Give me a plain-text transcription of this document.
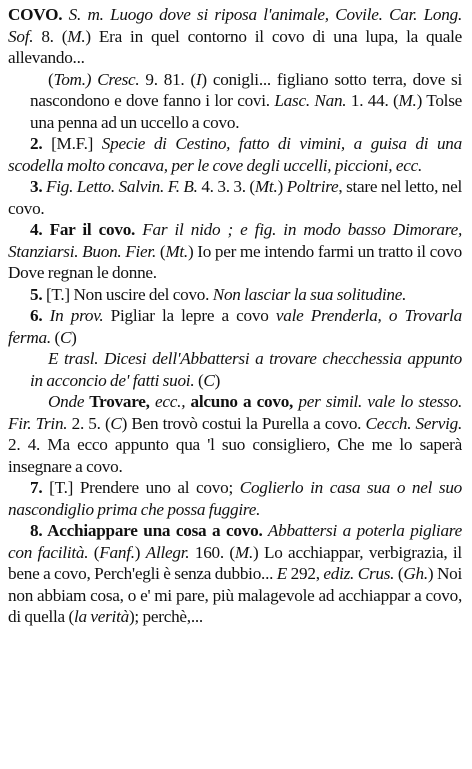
COVO. S. m. Luogo dove si riposa l'animale, Covile. Car. Long. Sof. 8. (M.) Era in quel contorno il covo di una lupa, la quale allevando...

(Tom.) Cresc. 9. 81. (I) conigli... figliano sotto terra, dove si nascondono e dove fanno i lor covi. Lasc. Nan. 1. 44. (M.) Tolse una penna ad un uccello a covo.

2. [M.F.] Specie di Cestino, fatto di vimini, a guisa di una scodella molto concava, per le cove degli uccelli, piccioni, ecc.

3. Fig. Letto. Salvin. F. B. 4. 3. 3. (Mt.) Poltrire, stare nel letto, nel covo.

4. Far il covo. Far il nido ; e fig. in modo basso Dimorare, Stanziarsi. Buon. Fier. (Mt.) Io per me intendo farmi un tratto il covo Dove regnan le donne.

5. [T.] Non uscire del covo. Non lasciar la sua solitudine.

6. In prov. Pigliar la lepre a covo vale Prenderla, o Trovarla ferma. (C)

E trasl. Dicesi dell'Abbattersi a trovare checchessia appunto in acconcio de' fatti suoi. (C)

Onde Trovare, ecc., alcuno a covo, per simil. vale lo stesso. Fir. Trin. 2. 5. (C) Ben trovò costui la Purella a covo. Cecch. Servig. 2. 4. Ma ecco appunto qua 'l suo consigliero, Che me lo saperà insegnare a covo.

7. [T.] Prendere uno al covo; Coglierlo in casa sua o nel suo nascondiglio prima che possa fuggire.

8. Acchiappare una cosa a covo. Abbattersi a poterla pigliare con facilità. (Fanf.) Allegr. 160. (M.) Lo acchiappar, verbigrazia, il bene a covo, Perch'egli è senza dubbio... E 292, ediz. Crus. (Gh.) Noi non abbiam cosa, o e' mi pare, più malagevole ad acchiappar a covo, di quella (la verità); perchè,...
